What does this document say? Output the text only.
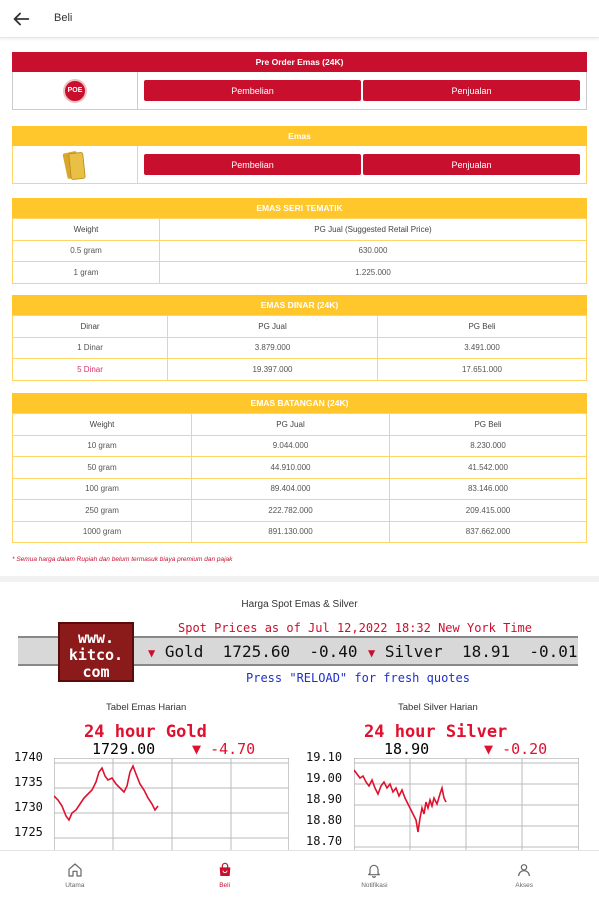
Beli
Pre Order Emas (24K)
POE	Pembelian	Penjualan
Emas
Pembelian	Penjualan
EMAS SERI TEMATIK
Weight	PG Jual (Suggested Retail Price)
0.5 gram	630.000
1 gram	1.225.000
EMAS DINAR (24K)
Dinar	PG Jual	PG Beli
1 Dinar	3.879.000	3.491.000
5 Dinar	19.397.000	17.651.000
EMAS BATANGAN (24K)
Weight	PG Jual	PG Beli
10 gram	9.044.000	8.230.000
50 gram	44.910.000	41.542.000
100 gram	89.404.000	83.146.000
250 gram	222.782.000	209.415.000
1000 gram	891.130.000	837.662.000
* Semua harga dalam Rupiah dan belum termasuk biaya premium dan pajak
Harga Spot Emas & Silver
www.
kitco.
com
Spot Prices as of Jul 12,2022 18:32 New York Time
▼ Gold 1725.60 -0.40 ▼ Silver 18.91 -0.01
Press "RELOAD" for fresh quotes
Tabel Emas Harian
24 hour Gold
1729.00 ▼ -4.70
1740
1735
1730
1725
Tabel Silver Harian
24 hour Silver
18.90	▼ -0.20
19.10
19.00
18.90
18.80
18.70
Utama	Beli	Notifikasi	Akses
